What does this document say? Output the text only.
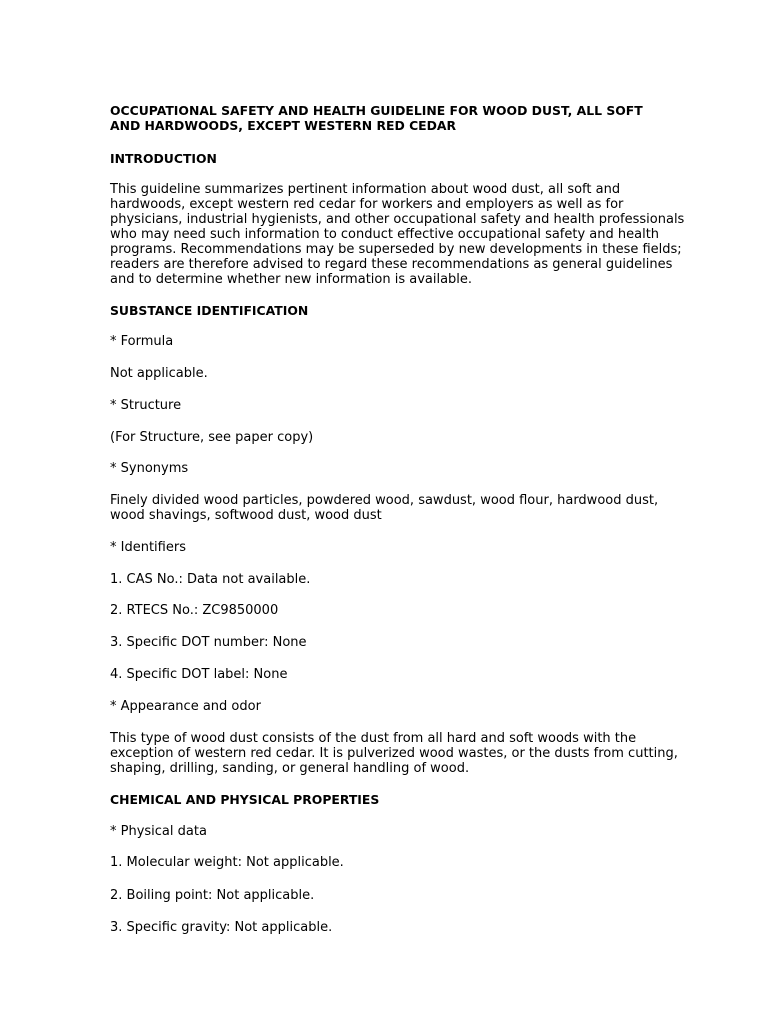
OCCUPATIONAL SAFETY AND HEALTH GUIDELINE FOR WOOD DUST, ALL SOFT
AND HARDWOODS, EXCEPT WESTERN RED CEDAR

INTRODUCTION

This guideline summarizes pertinent information about wood dust, all soft and
hardwoods, except western red cedar for workers and employers as well as for
physicians, industrial hygienists, and other occupational safety and health professionals
who may need such information to conduct effective occupational safety and health
programs. Recommendations may be superseded by new developments in these fields;
readers are therefore advised to regard these recommendations as general guidelines
and to determine whether new information is available.

SUBSTANCE IDENTIFICATION

* Formula

Not applicable.

* Structure

(For Structure, see paper copy)

* Synonyms

Finely divided wood particles, powdered wood, sawdust, wood flour, hardwood dust,
wood shavings, softwood dust, wood dust

* Identifiers

1. CAS No.: Data not available.

2. RTECS No.: ZC9850000

3. Specific DOT number: None

4. Specific DOT label: None

* Appearance and odor

This type of wood dust consists of the dust from all hard and soft woods with the
exception of western red cedar. It is pulverized wood wastes, or the dusts from cutting,
shaping, drilling, sanding, or general handling of wood.

CHEMICAL AND PHYSICAL PROPERTIES

* Physical data

1. Molecular weight: Not applicable.

2. Boiling point: Not applicable.

3. Specific gravity: Not applicable.
